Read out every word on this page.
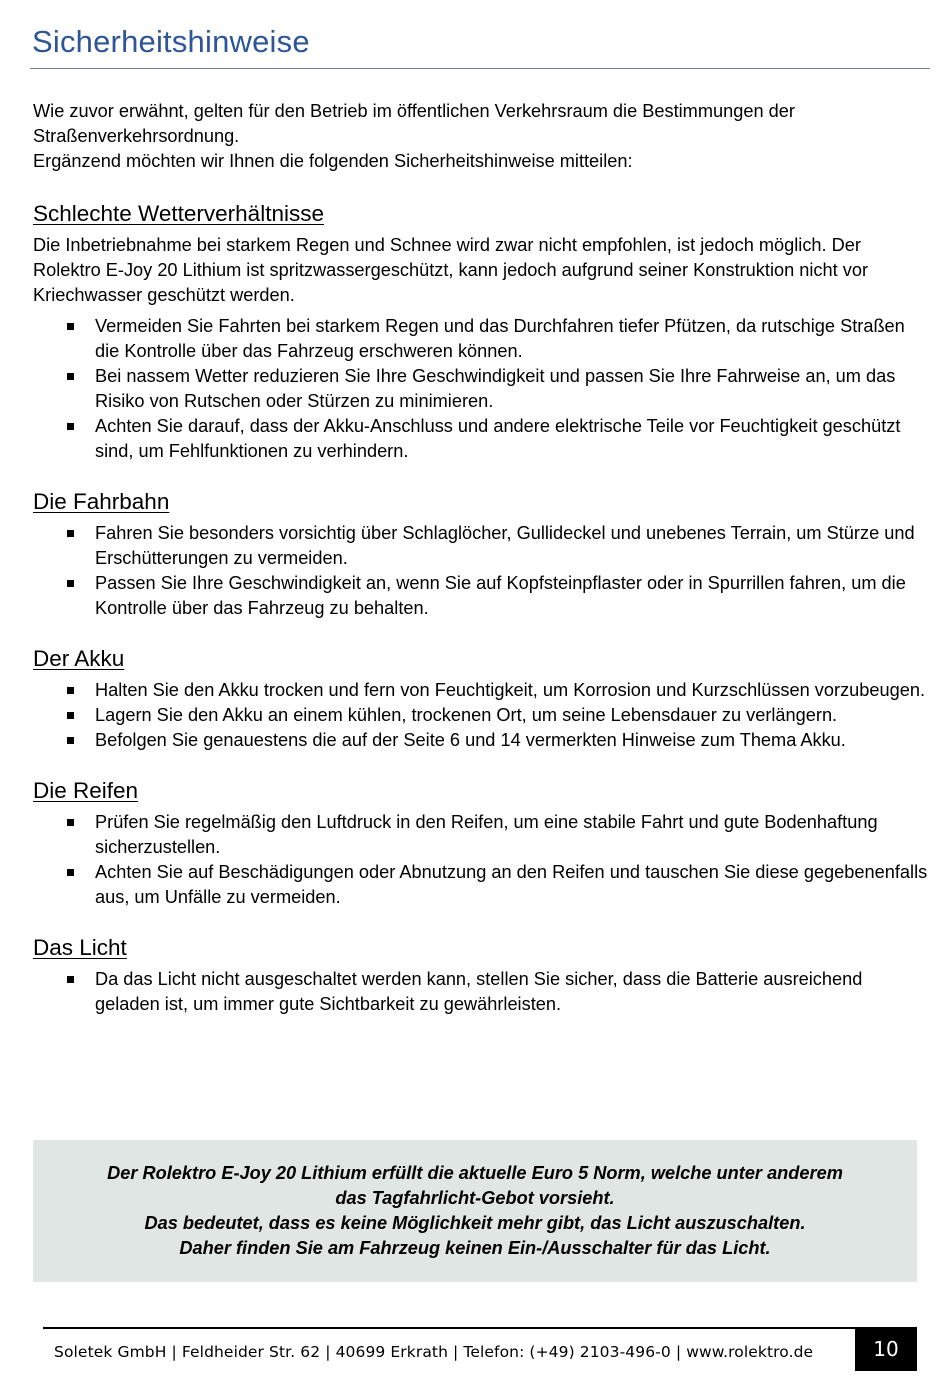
Sicherheitshinweise

Wie zuvor erwähnt, gelten für den Betrieb im öffentlichen Verkehrsraum die Bestimmungen der Straßenverkehrsordnung.

Ergänzend möchten wir Ihnen die folgenden Sicherheitshinweise mitteilen:

Schlechte Wetterverhältnisse

Die Inbetriebnahme bei starkem Regen und Schnee wird zwar nicht empfohlen, ist jedoch möglich. Der Rolektro E-Joy 20 Lithium ist spritzwassergeschützt, kann jedoch aufgrund seiner Konstruktion nicht vor Kriechwasser geschützt werden.

Vermeiden Sie Fahrten bei starkem Regen und das Durchfahren tiefer Pfützen, da rutschige Straßen die Kontrolle über das Fahrzeug erschweren können.
Bei nassem Wetter reduzieren Sie Ihre Geschwindigkeit und passen Sie Ihre Fahrweise an, um das Risiko von Rutschen oder Stürzen zu minimieren.
Achten Sie darauf, dass der Akku-Anschluss und andere elektrische Teile vor Feuchtigkeit geschützt sind, um Fehlfunktionen zu verhindern.
Die Fahrbahn
Fahren Sie besonders vorsichtig über Schlaglöcher, Gullideckel und unebenes Terrain, um Stürze und Erschütterungen zu vermeiden.
Passen Sie Ihre Geschwindigkeit an, wenn Sie auf Kopfsteinpflaster oder in Spurrillen fahren, um die Kontrolle über das Fahrzeug zu behalten.
Der Akku
Halten Sie den Akku trocken und fern von Feuchtigkeit, um Korrosion und Kurzschlüssen vorzubeugen.
Lagern Sie den Akku an einem kühlen, trockenen Ort, um seine Lebensdauer zu verlängern.
Befolgen Sie genauestens die auf der Seite 6 und 14 vermerkten Hinweise zum Thema Akku.
Die Reifen
Prüfen Sie regelmäßig den Luftdruck in den Reifen, um eine stabile Fahrt und gute Bodenhaftung sicherzustellen.
Achten Sie auf Beschädigungen oder Abnutzung an den Reifen und tauschen Sie diese gegebenenfalls aus, um Unfälle zu vermeiden.
Das Licht
Da das Licht nicht ausgeschaltet werden kann, stellen Sie sicher, dass die Batterie ausreichend geladen ist, um immer gute Sichtbarkeit zu gewährleisten.
Der Rolektro E-Joy 20 Lithium erfüllt die aktuelle Euro 5 Norm, welche unter anderem
das Tagfahrlicht-Gebot vorsieht.
Das bedeutet, dass es keine Möglichkeit mehr gibt, das Licht auszuschalten.
Daher finden Sie am Fahrzeug keinen Ein-/Ausschalter für das Licht.
Soletek GmbH | Feldheider Str. 62 | 40699 Erkrath | Telefon: (+49) 2103-496-0 | www.rolektro.de	10
